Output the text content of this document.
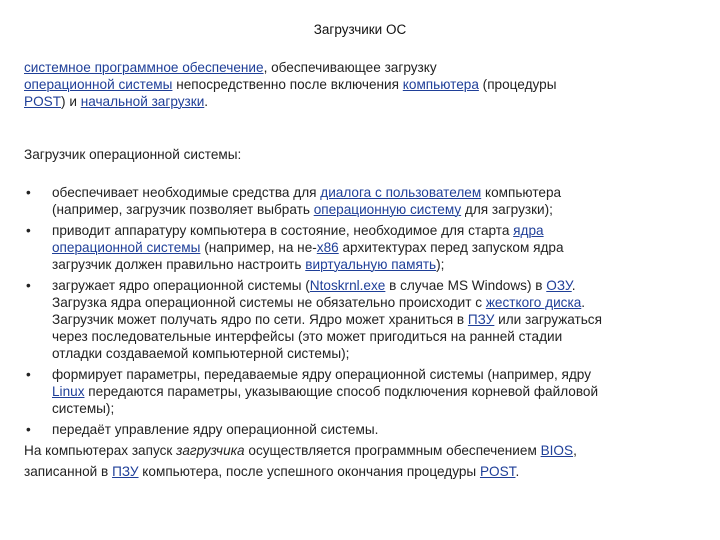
Загрузчики ОС
системное программное обеспечение, обеспечивающее загрузку
операционной системы непосредственно после включения компьютера (процедуры
POST) и начальной загрузки.
Загрузчик операционной системы:
• обеспечивает необходимые средства для диалога с пользователем компьютера
(например, загрузчик позволяет выбрать операционную систему для загрузки);
• приводит аппаратуру компьютера в состояние, необходимое для старта ядра
операционной системы (например, на не-x86 архитектурах перед запуском ядра
загрузчик должен правильно настроить виртуальную память);
• загружает ядро операционной системы (Ntoskrnl.exe в случае MS Windows) в ОЗУ.
Загрузка ядра операционной системы не обязательно происходит с жесткого диска.
Загрузчик может получать ядро по сети. Ядро может храниться в ПЗУ или загружаться
через последовательные интерфейсы (это может пригодиться на ранней стадии
отладки создаваемой компьютерной системы);
• формирует параметры, передаваемые ядру операционной системы (например, ядру
Linux передаются параметры, указывающие способ подключения корневой файловой
системы);
• передаёт управление ядру операционной системы.
На компьютерах запуск загрузчика осуществляется программным обеспечением BIOS,
записанной в ПЗУ компьютера, после успешного окончания процедуры POST.
